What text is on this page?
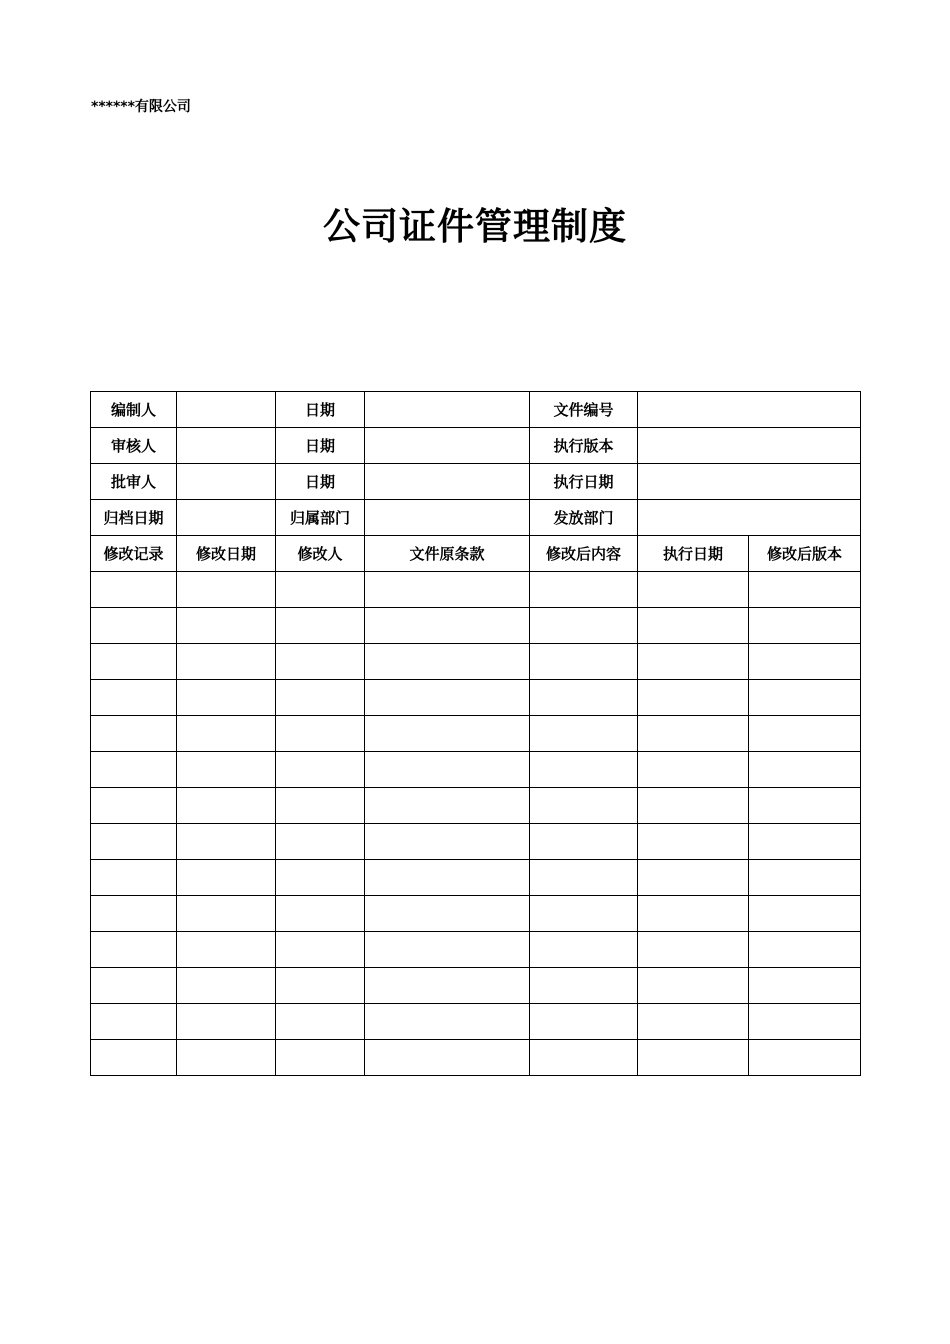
******有限公司
公司证件管理制度
编制人		日期		文件编号		
审核人		日期		执行版本		
批审人		日期		执行日期		
归档日期		归属部门		发放部门		
修改记录	修改日期	修改人	文件原条款	修改后内容	执行日期	修改后版本
